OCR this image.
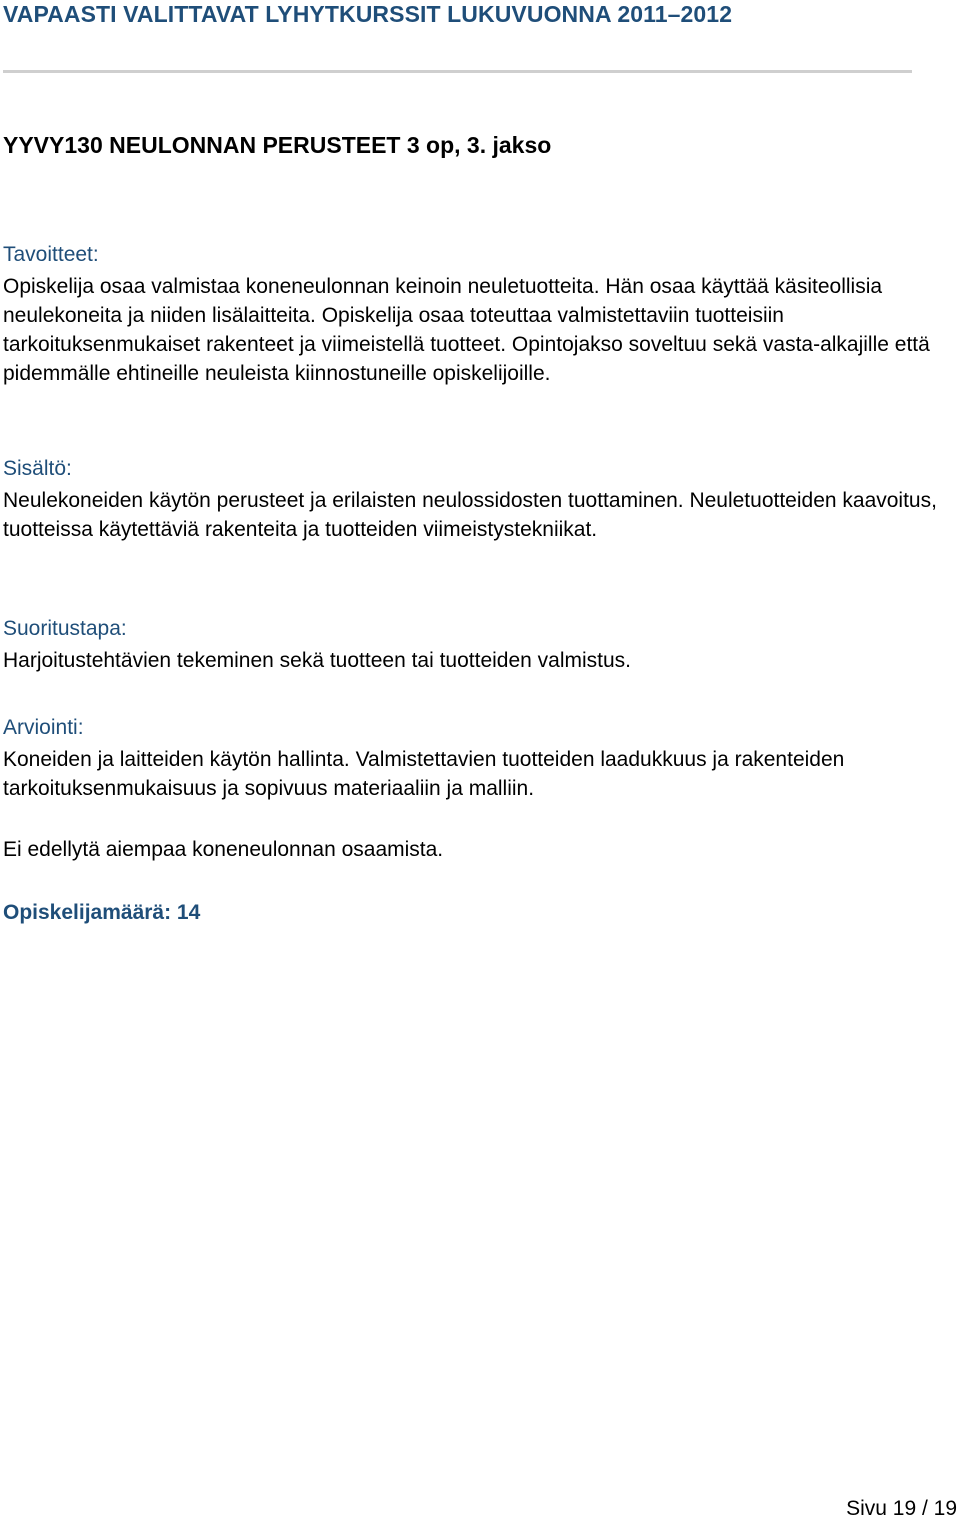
VAPAASTI VALITTAVAT LYHYTKURSSIT LUKUVUONNA 2011–2012
YYVY130 NEULONNAN PERUSTEET 3 op, 3. jakso
Tavoitteet:
Opiskelija osaa valmistaa koneneulonnan keinoin neuletuotteita. Hän osaa käyttää käsiteollisia neulekoneita ja niiden lisälaitteita. Opiskelija osaa toteuttaa valmistettaviin tuotteisiin tarkoituksenmukaiset rakenteet ja viimeistellä tuotteet. Opintojakso soveltuu sekä vasta-alkajille että pidemmälle ehtineille neuleista kiinnostuneille opiskelijoille.
Sisältö:
Neulekoneiden käytön perusteet ja erilaisten neulossidosten tuottaminen. Neuletuotteiden kaavoitus, tuotteissa käytettäviä rakenteita ja tuotteiden viimeistystekniikat.
Suoritustapa:
Harjoitustehtävien tekeminen sekä tuotteen tai tuotteiden valmistus.
Arviointi:
Koneiden ja laitteiden käytön hallinta. Valmistettavien tuotteiden laadukkuus ja rakenteiden tarkoituksenmukaisuus ja sopivuus materiaaliin ja malliin.
Ei edellytä aiempaa koneneulonnan osaamista.
Opiskelijamäärä: 14
Sivu 19 / 19
